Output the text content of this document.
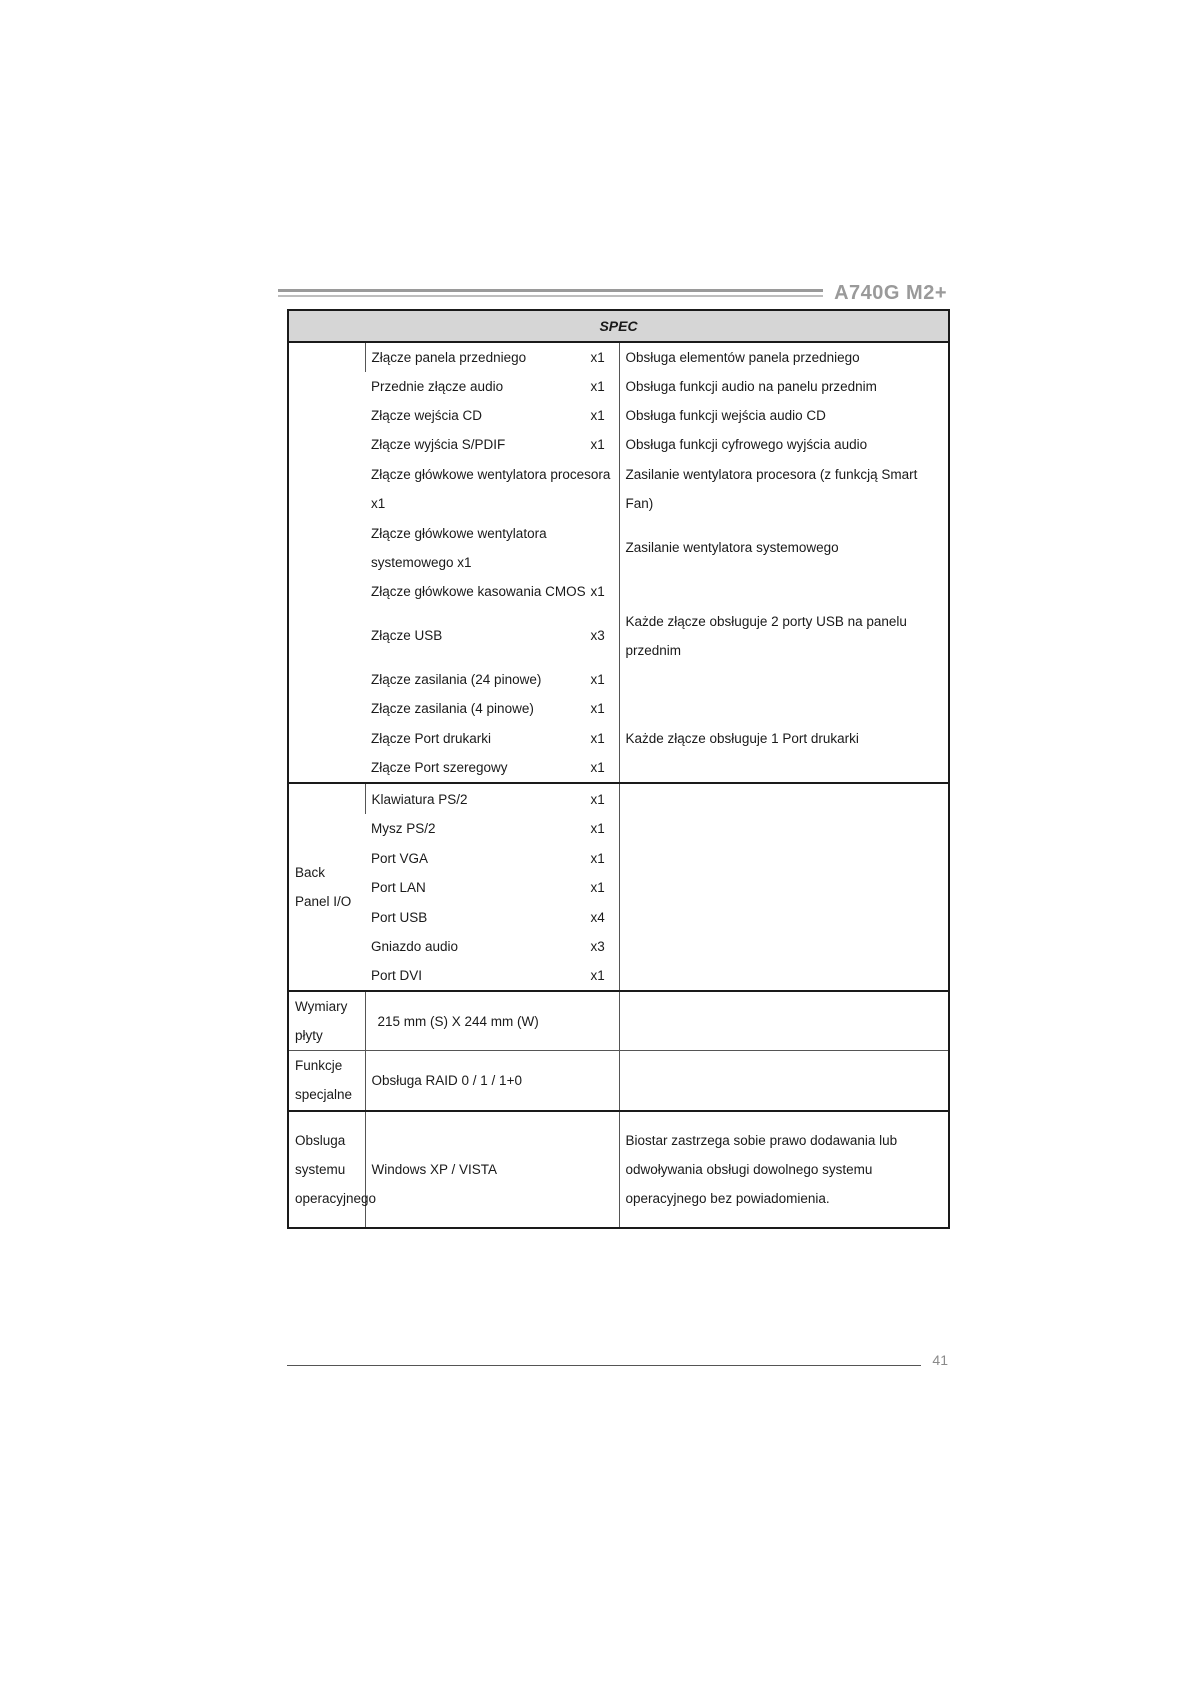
A740G M2+
SPEC		

	Złącze panela przedniego x1	Obsługa elementów panela przedniego

	Przednie złącze audio x1	Obsługa funkcji audio na panelu przednim

	Złącze wejścia CD x1	Obsługa funkcji wejścia audio CD

	Złącze wyjścia S/PDIF x1	Obsługa funkcji cyfrowego wyjścia audio

	Złącze główkowe wentylatora procesora x1	Zasilanie wentylatora procesora (z funkcją Smart Fan)

	Złącze główkowe wentylatora systemowego x1	Zasilanie wentylatora systemowego

	Złącze główkowe kasowania CMOS x1	

	Złącze USB x3	Każde złącze obsługuje 2 porty USB na panelu przednim

	Złącze zasilania (24 pinowe) x1	

	Złącze zasilania (4 pinowe) x1	

	Złącze Port drukarki x1	Każde złącze obsługuje 1 Port drukarki

	Złącze Port szeregowy x1	

Back Panel I/O	Klawiatura PS/2 x1	

	Mysz PS/2 x1	

	Port VGA x1	

	Port LAN x1	

	Port USB x4	

	Gniazdo audio x3	

	Port DVI x1	

Wymiary płyty	215 mm (S) X 244 mm (W)	
Funkcje specjalne	Obsługa RAID 0 / 1 / 1+0	
Obsluga systemu operacyjnego	Windows XP / VISTA	Biostar zastrzega sobie prawo dodawania lub odwoływania obsługi dowolnego systemu operacyjnego bez powiadomienia.
41
